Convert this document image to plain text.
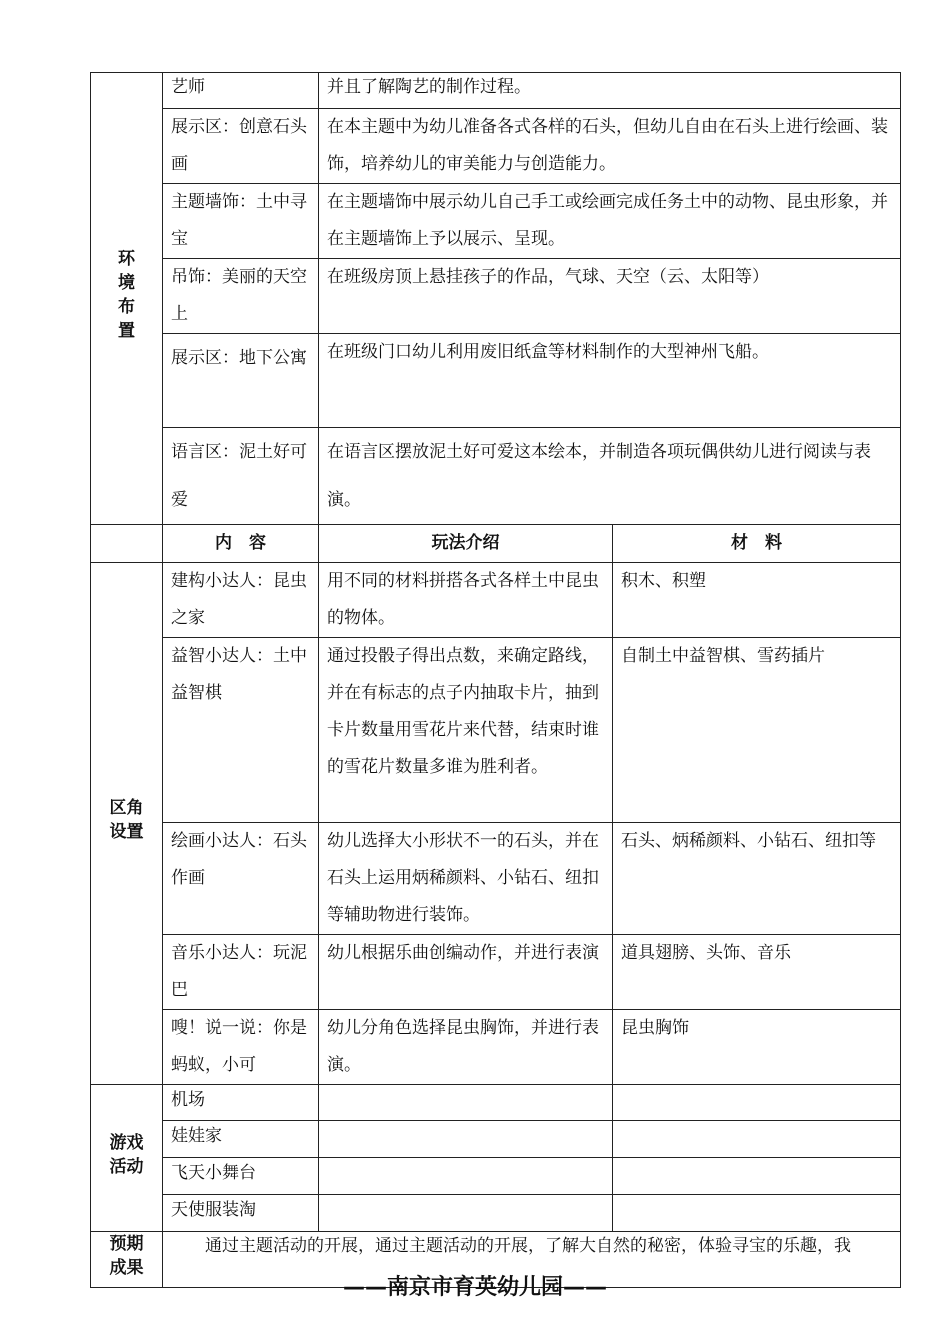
环境布置	艺师	并且了解陶艺的制作过程。	
	展示区：创意石头画	在本主题中为幼儿准备各式各样的石头，但幼儿自由在石头上进行绘画、装饰，培养幼儿的审美能力与创造能力。	
	主题墙饰：土中寻宝	在主题墙饰中展示幼儿自己手工或绘画完成任务土中的动物、昆虫形象，并在主题墙饰上予以展示、呈现。	
	吊饰：美丽的天空上	在班级房顶上悬挂孩子的作品，气球、天空（云、太阳等）	
	展示区：地下公寓	在班级门口幼儿利用废旧纸盒等材料制作的大型神州飞船。	
	语言区：泥土好可爱	在语言区摆放泥土好可爱这本绘本，并制造各项玩偶供幼儿进行阅读与表演。	
	内　容	玩法介绍	材　料
区角设置	建构小达人：昆虫之家	用不同的材料拼搭各式各样土中昆虫的物体。	积木、积塑
	益智小达人：土中益智棋	通过投骰子得出点数，来确定路线，并在有标志的点子内抽取卡片，抽到卡片数量用雪花片来代替，结束时谁的雪花片数量多谁为胜利者。	自制土中益智棋、雪药插片
	绘画小达人：石头作画	幼儿选择大小形状不一的石头，并在石头上运用炳稀颜料、小钻石、纽扣等辅助物进行装饰。	石头、炳稀颜料、小钻石、纽扣等
	音乐小达人：玩泥巴	幼儿根据乐曲创编动作，并进行表演	道具翅膀、头饰、音乐
	嗖！说一说：你是蚂蚁，小可	幼儿分角色选择昆虫胸饰，并进行表演。	昆虫胸饰
游戏活动	机场		
	娃娃家		
	飞天小舞台		
	天使服装淘		
预期成果	通过主题活动的开展，通过主题活动的开展，了解大自然的秘密，体验寻宝的乐趣，我		
——南京市育英幼儿园——
